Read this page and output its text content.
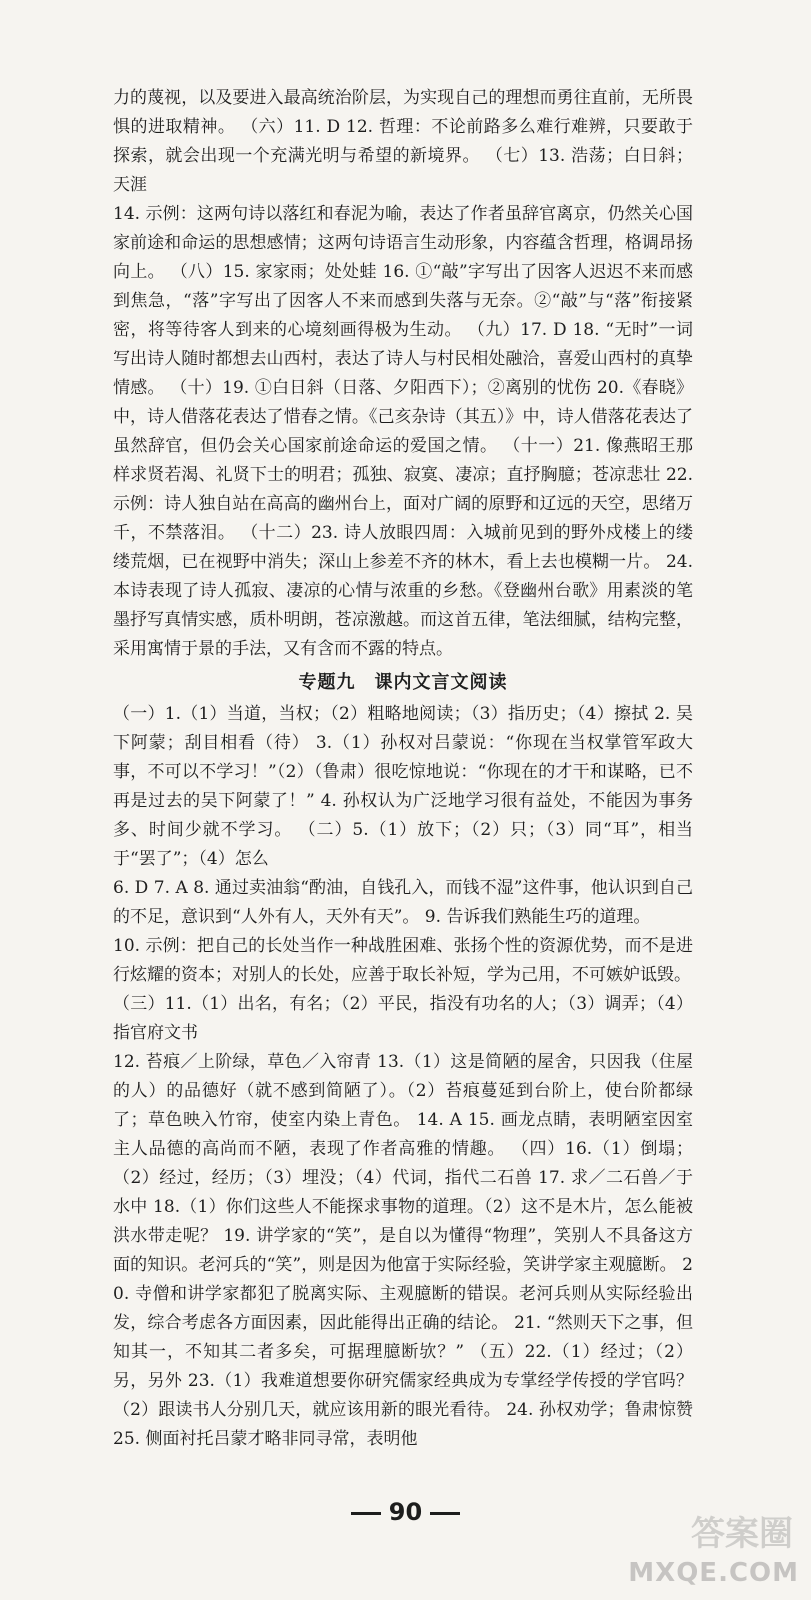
力的蔑视，以及要进入最高统治阶层，为实现自己的理想而勇往直前，无所畏惧的进取精神。 （六）11. D 12. 哲理：不论前路多么难行难辨，只要敢于探索，就会出现一个充满光明与希望的新境界。 （七）13. 浩荡；白日斜；天涯

14. 示例：这两句诗以落红和春泥为喻，表达了作者虽辞官离京，仍然关心国家前途和命运的思想感情；这两句诗语言生动形象，内容蕴含哲理，格调昂扬向上。 （八）15. 家家雨；处处蛙 16. ①“敲”字写出了因客人迟迟不来而感到焦急，“落”字写出了因客人不来而感到失落与无奈。②“敲”与“落”衔接紧密，将等待客人到来的心境刻画得极为生动。 （九）17. D 18. “无时”一词写出诗人随时都想去山西村，表达了诗人与村民相处融洽，喜爱山西村的真挚情感。 （十）19. ①白日斜（日落、夕阳西下）；②离别的忧伤 20.《春晓》中，诗人借落花表达了惜春之情。《己亥杂诗（其五）》中，诗人借落花表达了虽然辞官，但仍会关心国家前途命运的爱国之情。 （十一）21. 像燕昭王那样求贤若渴、礼贤下士的明君；孤独、寂寞、凄凉；直抒胸臆；苍凉悲壮 22. 示例：诗人独自站在高高的幽州台上，面对广阔的原野和辽远的天空，思绪万千，不禁落泪。 （十二）23. 诗人放眼四周：入城前见到的野外戍楼上的缕缕荒烟，已在视野中消失；深山上参差不齐的林木，看上去也模糊一片。 24. 本诗表现了诗人孤寂、凄凉的心情与浓重的乡愁。《登幽州台歌》用素淡的笔墨抒写真情实感，质朴明朗，苍凉激越。而这首五律，笔法细腻，结构完整，采用寓情于景的手法，又有含而不露的特点。

专题九　课内文言文阅读

（一）1.（1）当道，当权；（2）粗略地阅读；（3）指历史；（4）擦拭 2. 吴下阿蒙；刮目相看（待） 3.（1）孙权对吕蒙说：“你现在当权掌管军政大事，不可以不学习！”（2）（鲁肃）很吃惊地说：“你现在的才干和谋略，已不再是过去的吴下阿蒙了！” 4. 孙权认为广泛地学习很有益处，不能因为事务多、时间少就不学习。 （二）5.（1）放下；（2）只；（3）同“耳”，相当于“罢了”；（4）怎么

6. D 7. A 8. 通过卖油翁“酌油，自钱孔入，而钱不湿”这件事，他认识到自己的不足，意识到“人外有人，天外有天”。 9. 告诉我们熟能生巧的道理。

10. 示例：把自己的长处当作一种战胜困难、张扬个性的资源优势，而不是进行炫耀的资本；对别人的长处，应善于取长补短，学为己用，不可嫉妒诋毁。

（三）11.（1）出名，有名；（2）平民，指没有功名的人；（3）调弄；（4）指官府文书

12. 苔痕／上阶绿，草色／入帘青 13.（1）这是简陋的屋舍，只因我（住屋的人）的品德好（就不感到简陋了）。（2）苔痕蔓延到台阶上，使台阶都绿了；草色映入竹帘，使室内染上青色。 14. A 15. 画龙点睛，表明陋室因室主人品德的高尚而不陋，表现了作者高雅的情趣。 （四）16.（1）倒塌；（2）经过，经历；（3）埋没；（4）代词，指代二石兽 17. 求／二石兽／于水中 18.（1）你们这些人不能探求事物的道理。（2）这不是木片，怎么能被洪水带走呢？ 19. 讲学家的“笑”，是自以为懂得“物理”，笑别人不具备这方面的知识。老河兵的“笑”，则是因为他富于实际经验，笑讲学家主观臆断。 20. 寺僧和讲学家都犯了脱离实际、主观臆断的错误。老河兵则从实际经验出发，综合考虑各方面因素，因此能得出正确的结论。 21. “然则天下之事，但知其一，不知其二者多矣，可据理臆断欤？” （五）22.（1）经过；（2）另，另外 23.（1）我难道想要你研究儒家经典成为专掌经学传授的学官吗？（2）跟读书人分别几天，就应该用新的眼光看待。 24. 孙权劝学；鲁肃惊赞 25. 侧面衬托吕蒙才略非同寻常，表明他

90
答案圈
MXQE.COM
